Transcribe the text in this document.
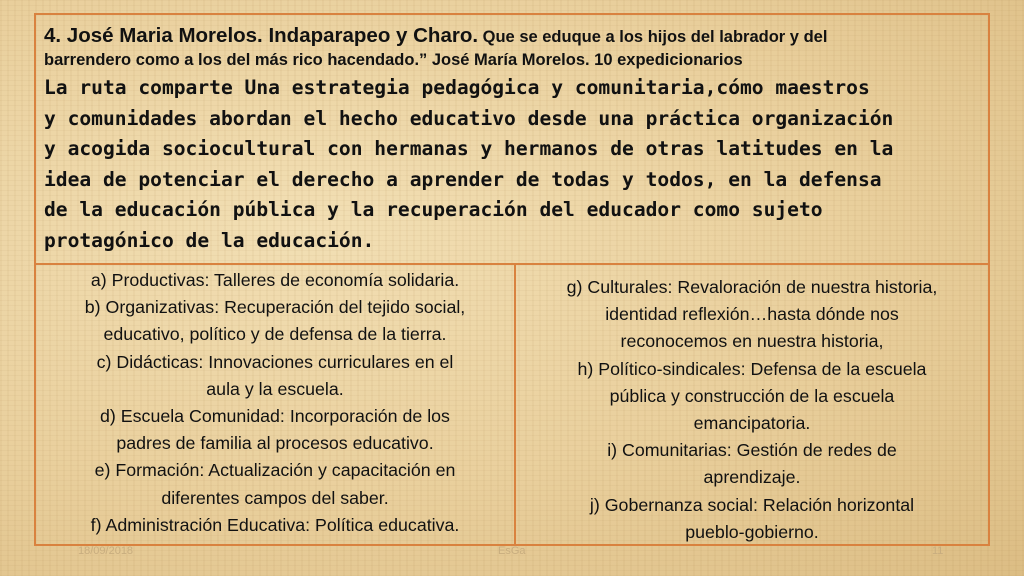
4. José Maria Morelos. Indaparapeo y Charo. Que se eduque a los hijos del labrador y del
barrendero como a los del más rico hacendado.” José María Morelos. 10 expedicionarios
La ruta comparte Una estrategia pedagógica y comunitaria,cómo maestros
y comunidades abordan el hecho educativo desde una práctica organización
y acogida sociocultural con hermanas y hermanos de otras latitudes en la
idea de potenciar el derecho a aprender de todas y todos, en la defensa
de la educación pública y la recuperación del educador como sujeto
protagónico de la educación.
a) Productivas: Talleres de economía solidaria.
b) Organizativas: Recuperación del tejido social,
educativo, político y de defensa de la tierra.
c) Didácticas: Innovaciones curriculares en el
aula y la escuela.
d) Escuela Comunidad: Incorporación de los
padres de familia al procesos educativo.
e) Formación: Actualización y capacitación en
diferentes campos del saber.
f) Administración Educativa: Política educativa.
g) Culturales: Revaloración de nuestra historia,
identidad reflexión…hasta dónde nos
reconocemos en nuestra historia,
h) Político-sindicales: Defensa de la escuela
pública y construcción de la escuela
emancipatoria.
i) Comunitarias: Gestión de redes de
aprendizaje.
j) Gobernanza social: Relación horizontal
pueblo-gobierno.
18/09/2018	EsGa	11
